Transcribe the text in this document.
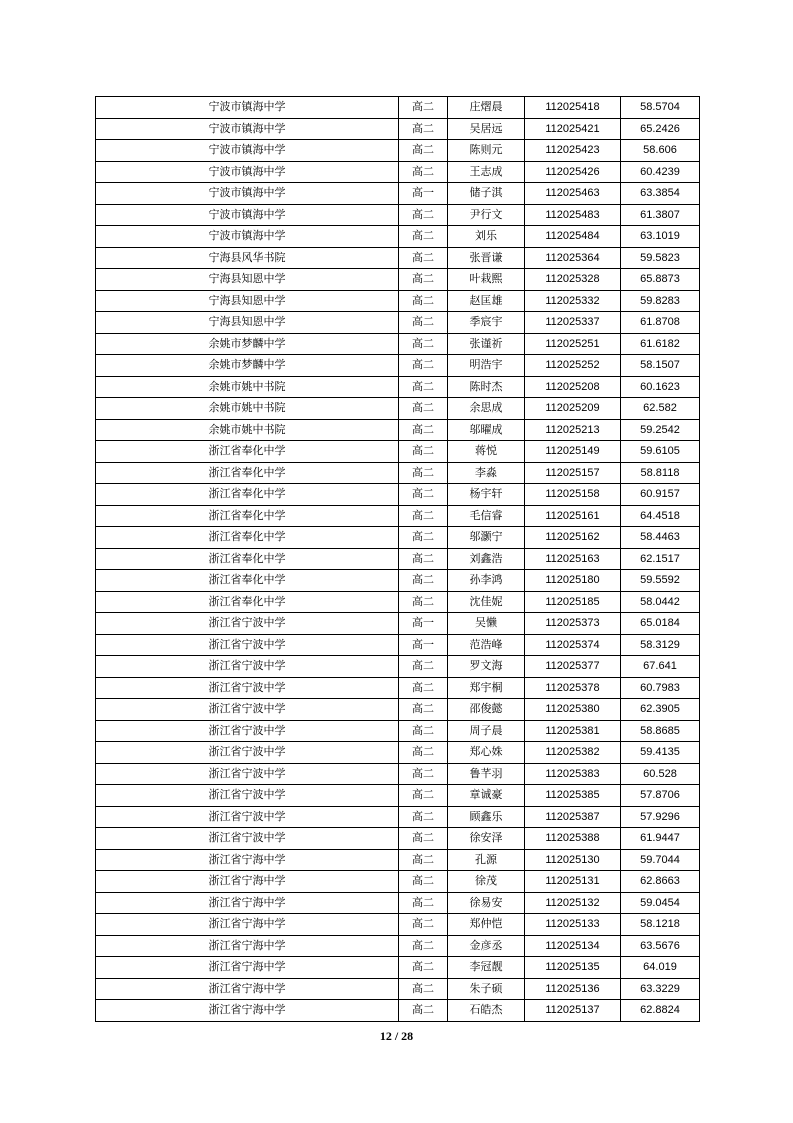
宁波市镇海中学	高二	庄熠晨	112025418	58.5704
宁波市镇海中学	高二	吴居远	112025421	65.2426
宁波市镇海中学	高二	陈则元	112025423	58.606
宁波市镇海中学	高二	王志成	112025426	60.4239
宁波市镇海中学	高一	储子淇	112025463	63.3854
宁波市镇海中学	高二	尹行文	112025483	61.3807
宁波市镇海中学	高二	刘乐	112025484	63.1019
宁海县风华书院	高二	张晋谦	112025364	59.5823
宁海县知恩中学	高二	叶栽熙	112025328	65.8873
宁海县知恩中学	高二	赵匡雄	112025332	59.8283
宁海县知恩中学	高二	季宸宇	112025337	61.8708
余姚市梦麟中学	高二	张谨祈	112025251	61.6182
余姚市梦麟中学	高二	明浩宇	112025252	58.1507
余姚市姚中书院	高二	陈时杰	112025208	60.1623
余姚市姚中书院	高二	余思成	112025209	62.582
余姚市姚中书院	高二	邬曜成	112025213	59.2542
浙江省奉化中学	高二	蒋悦	112025149	59.6105
浙江省奉化中学	高二	李淼	112025157	58.8118
浙江省奉化中学	高二	杨宇轩	112025158	60.9157
浙江省奉化中学	高二	毛信睿	112025161	64.4518
浙江省奉化中学	高二	邬灏宁	112025162	58.4463
浙江省奉化中学	高二	刘鑫浩	112025163	62.1517
浙江省奉化中学	高二	孙李鸿	112025180	59.5592
浙江省奉化中学	高二	沈佳妮	112025185	58.0442
浙江省宁波中学	高一	吴懒	112025373	65.0184
浙江省宁波中学	高一	范浩峰	112025374	58.3129
浙江省宁波中学	高二	罗文海	112025377	67.641
浙江省宁波中学	高二	郑宇桐	112025378	60.7983
浙江省宁波中学	高二	邵俊懿	112025380	62.3905
浙江省宁波中学	高二	周子晨	112025381	58.8685
浙江省宁波中学	高二	郑心姝	112025382	59.4135
浙江省宁波中学	高二	鲁芊羽	112025383	60.528
浙江省宁波中学	高二	章诚豪	112025385	57.8706
浙江省宁波中学	高二	顾鑫乐	112025387	57.9296
浙江省宁波中学	高二	徐安泽	112025388	61.9447
浙江省宁海中学	高二	孔源	112025130	59.7044
浙江省宁海中学	高二	徐茂	112025131	62.8663
浙江省宁海中学	高二	徐易安	112025132	59.0454
浙江省宁海中学	高二	郑仲恺	112025133	58.1218
浙江省宁海中学	高二	金彦丞	112025134	63.5676
浙江省宁海中学	高二	李冠靓	112025135	64.019
浙江省宁海中学	高二	朱子硕	112025136	63.3229
浙江省宁海中学	高二	石皓杰	112025137	62.8824
12 / 28
